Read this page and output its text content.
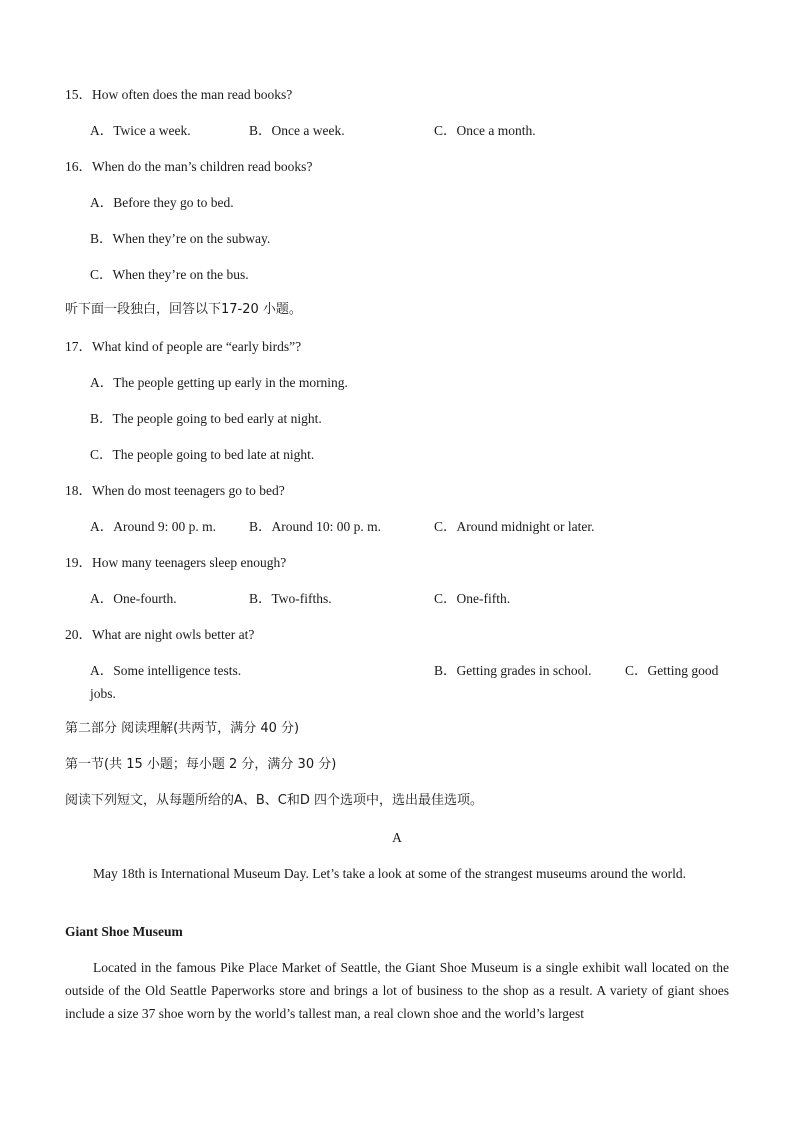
15．How often does the man read books?
A．Twice a week.	B．Once a week.	C．Once a month.
16．When do the man’s children read books?
A．Before they go to bed.
B．When they’re on the subway.
C．When they’re on the bus.
听下面一段独白，回答以下17-20 小题。
17．What kind of people are “early birds”?
A．The people getting up early in the morning.
B．The people going to bed early at night.
C．The people going to bed late at night.
18．When do most teenagers go to bed?
A．Around 9: 00 p. m. B．Around 10: 00 p. m.	C．Around midnight or later.
19．How many teenagers sleep enough?
A．One-fourth.	B．Two-fifths.	C．One-fifth.
20．What are night owls better at?
A．Some intelligence tests.	B．Getting grades in school. C．Getting good
jobs.
第二部分 阅读理解(共两节，满分 40 分)
第一节(共 15 小题；每小题 2 分，满分 30 分)
阅读下列短文，从每题所给的A、B、C和D 四个选项中，选出最佳选项。
A
May 18th is International Museum Day. Let’s take a look at some of the strangest museums around the world.
Giant Shoe Museum
Located in the famous Pike Place Market of Seattle, the Giant Shoe Museum is a single exhibit wall located on the outside of the Old Seattle Paperworks store and brings a lot of business to the shop as a result. A variety of giant shoes include a size 37 shoe worn by the world’s tallest man, a real clown shoe and the world’s largest
